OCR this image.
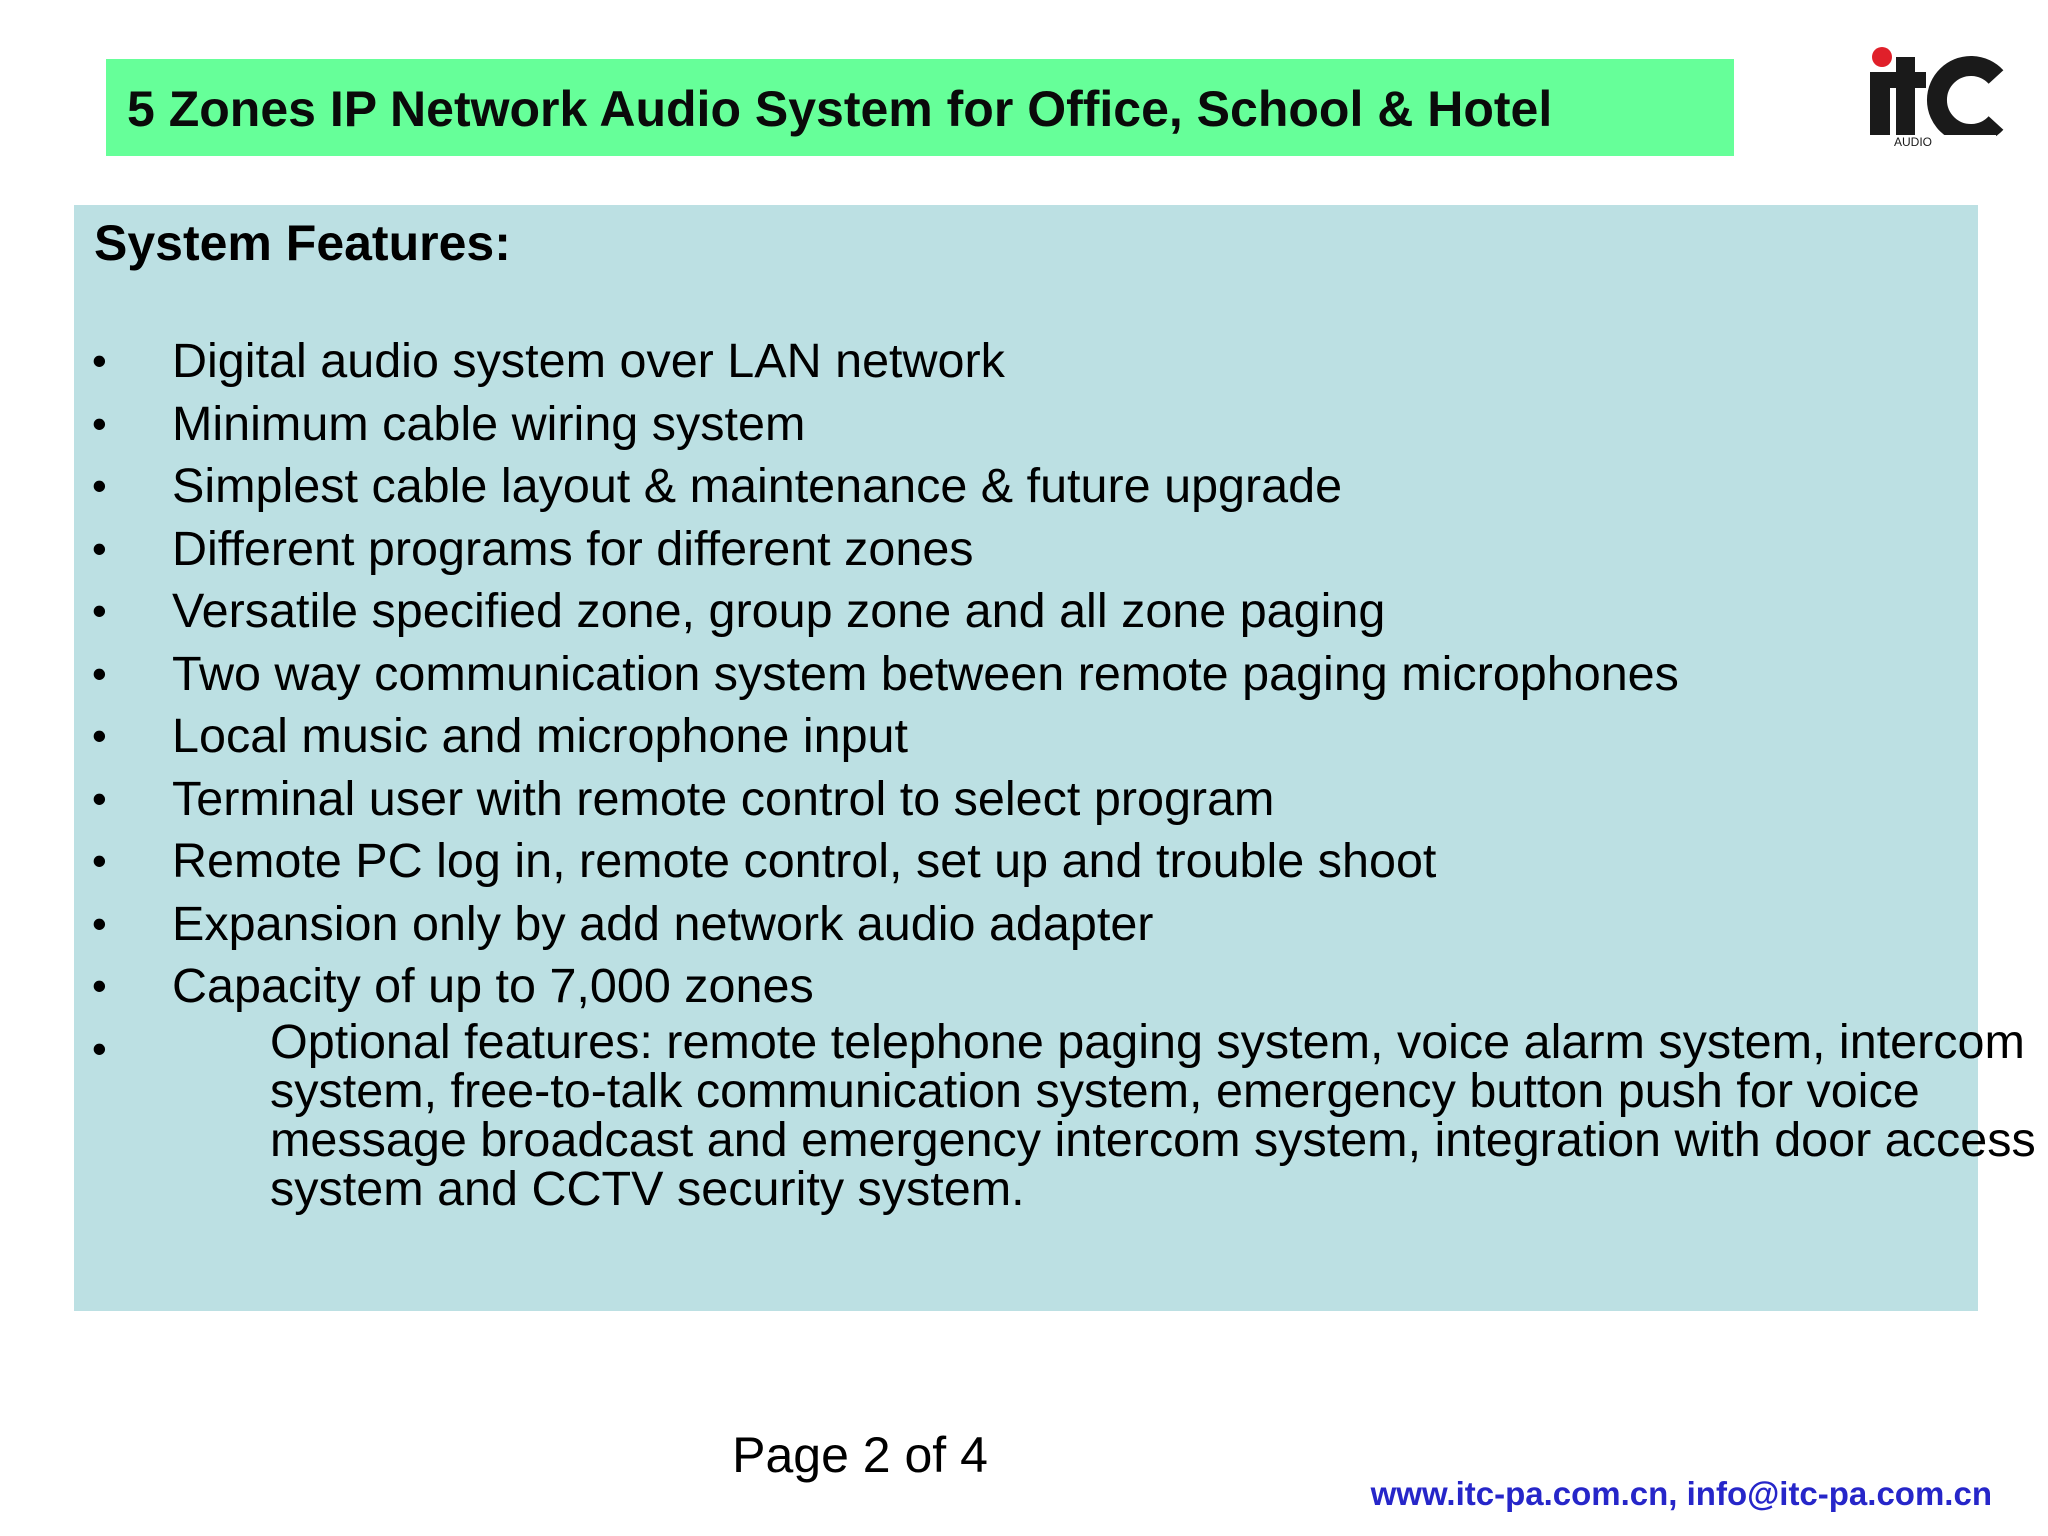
5 Zones IP Network Audio System for Office, School & Hotel
AUDIO
System Features:
• Digital audio system over LAN network
• Minimum cable wiring system
• Simplest cable layout & maintenance & future upgrade
• Different programs for different zones
• Versatile specified zone, group zone and all zone paging
• Two way communication system between remote paging microphones
• Local music and microphone input
• Terminal user with remote control to select program
• Remote PC log in, remote control, set up and trouble shoot
• Expansion only by add network audio adapter
• Capacity of up to 7,000 zones
•	Optional features: remote telephone paging system, voice alarm system, intercom system, free-to-talk communication system, emergency button push for voice message broadcast and emergency intercom system, integration with door access system and CCTV security system.
Page 2 of 4
www.itc-pa.com.cn, info@itc-pa.com.cn
